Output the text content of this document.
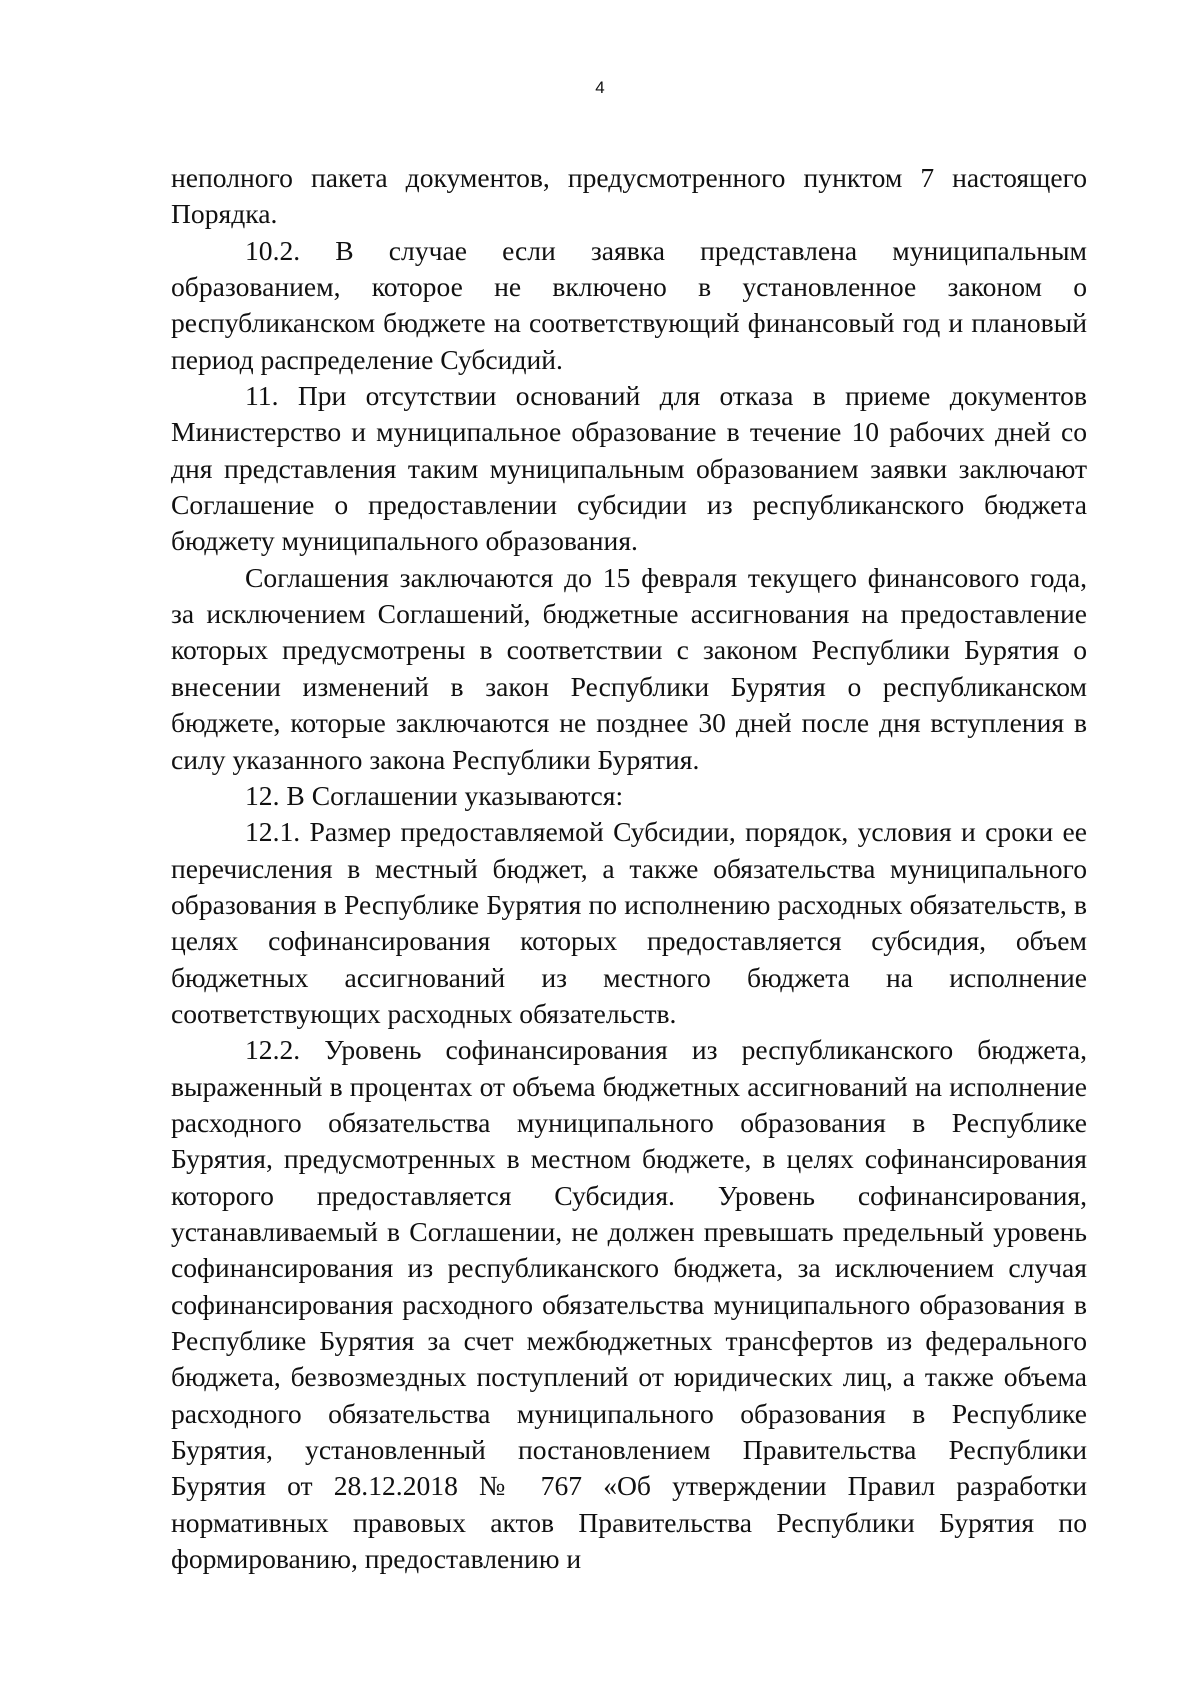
4

неполного пакета документов, предусмотренного пунктом 7 настоящего Порядка.

10.2. В случае если заявка представлена муниципальным образованием, которое не включено в установленное законом о республиканском бюджете на соответствующий финансовый год и плановый период распределение Субсидий.

11. При отсутствии оснований для отказа в приеме документов Министерство и муниципальное образование в течение 10 рабочих дней со дня представления таким муниципальным образованием заявки заключают Соглашение о предоставлении субсидии из республиканского бюджета бюджету муниципального образования.

Соглашения заключаются до 15 февраля текущего финансового года, за исключением Соглашений, бюджетные ассигнования на предоставление которых предусмотрены в соответствии с законом Республики Бурятия о внесении изменений в закон Республики Бурятия о республиканском бюджете, которые заключаются не позднее 30 дней после дня вступления в силу указанного закона Республики Бурятия.

12. В Соглашении указываются:

12.1. Размер предоставляемой Субсидии, порядок, условия и сроки ее перечисления в местный бюджет, а также обязательства муниципального образования в Республике Бурятия по исполнению расходных обязательств, в целях софинансирования которых предоставляется субсидия, объем бюджетных ассигнований из местного бюджета на исполнение соответствующих расходных обязательств.

12.2. Уровень софинансирования из республиканского бюджета, выраженный в процентах от объема бюджетных ассигнований на исполнение расходного обязательства муниципального образования в Республике Бурятия, предусмотренных в местном бюджете, в целях софинансирования которого предоставляется Субсидия. Уровень софинансирования, устанавливаемый в Соглашении, не должен превышать предельный уровень софинансирования из республиканского бюджета, за исключением случая софинансирования расходного обязательства муниципального образования в Республике Бурятия за счет межбюджетных трансфертов из федерального бюджета, безвозмездных поступлений от юридических лиц, а также объема расходного обязательства муниципального образования в Республике Бурятия, установленный постановлением Правительства Республики Бурятия от 28.12.2018 № 767 «Об утверждении Правил разработки нормативных правовых актов Правительства Республики Бурятия по формированию, предоставлению и
